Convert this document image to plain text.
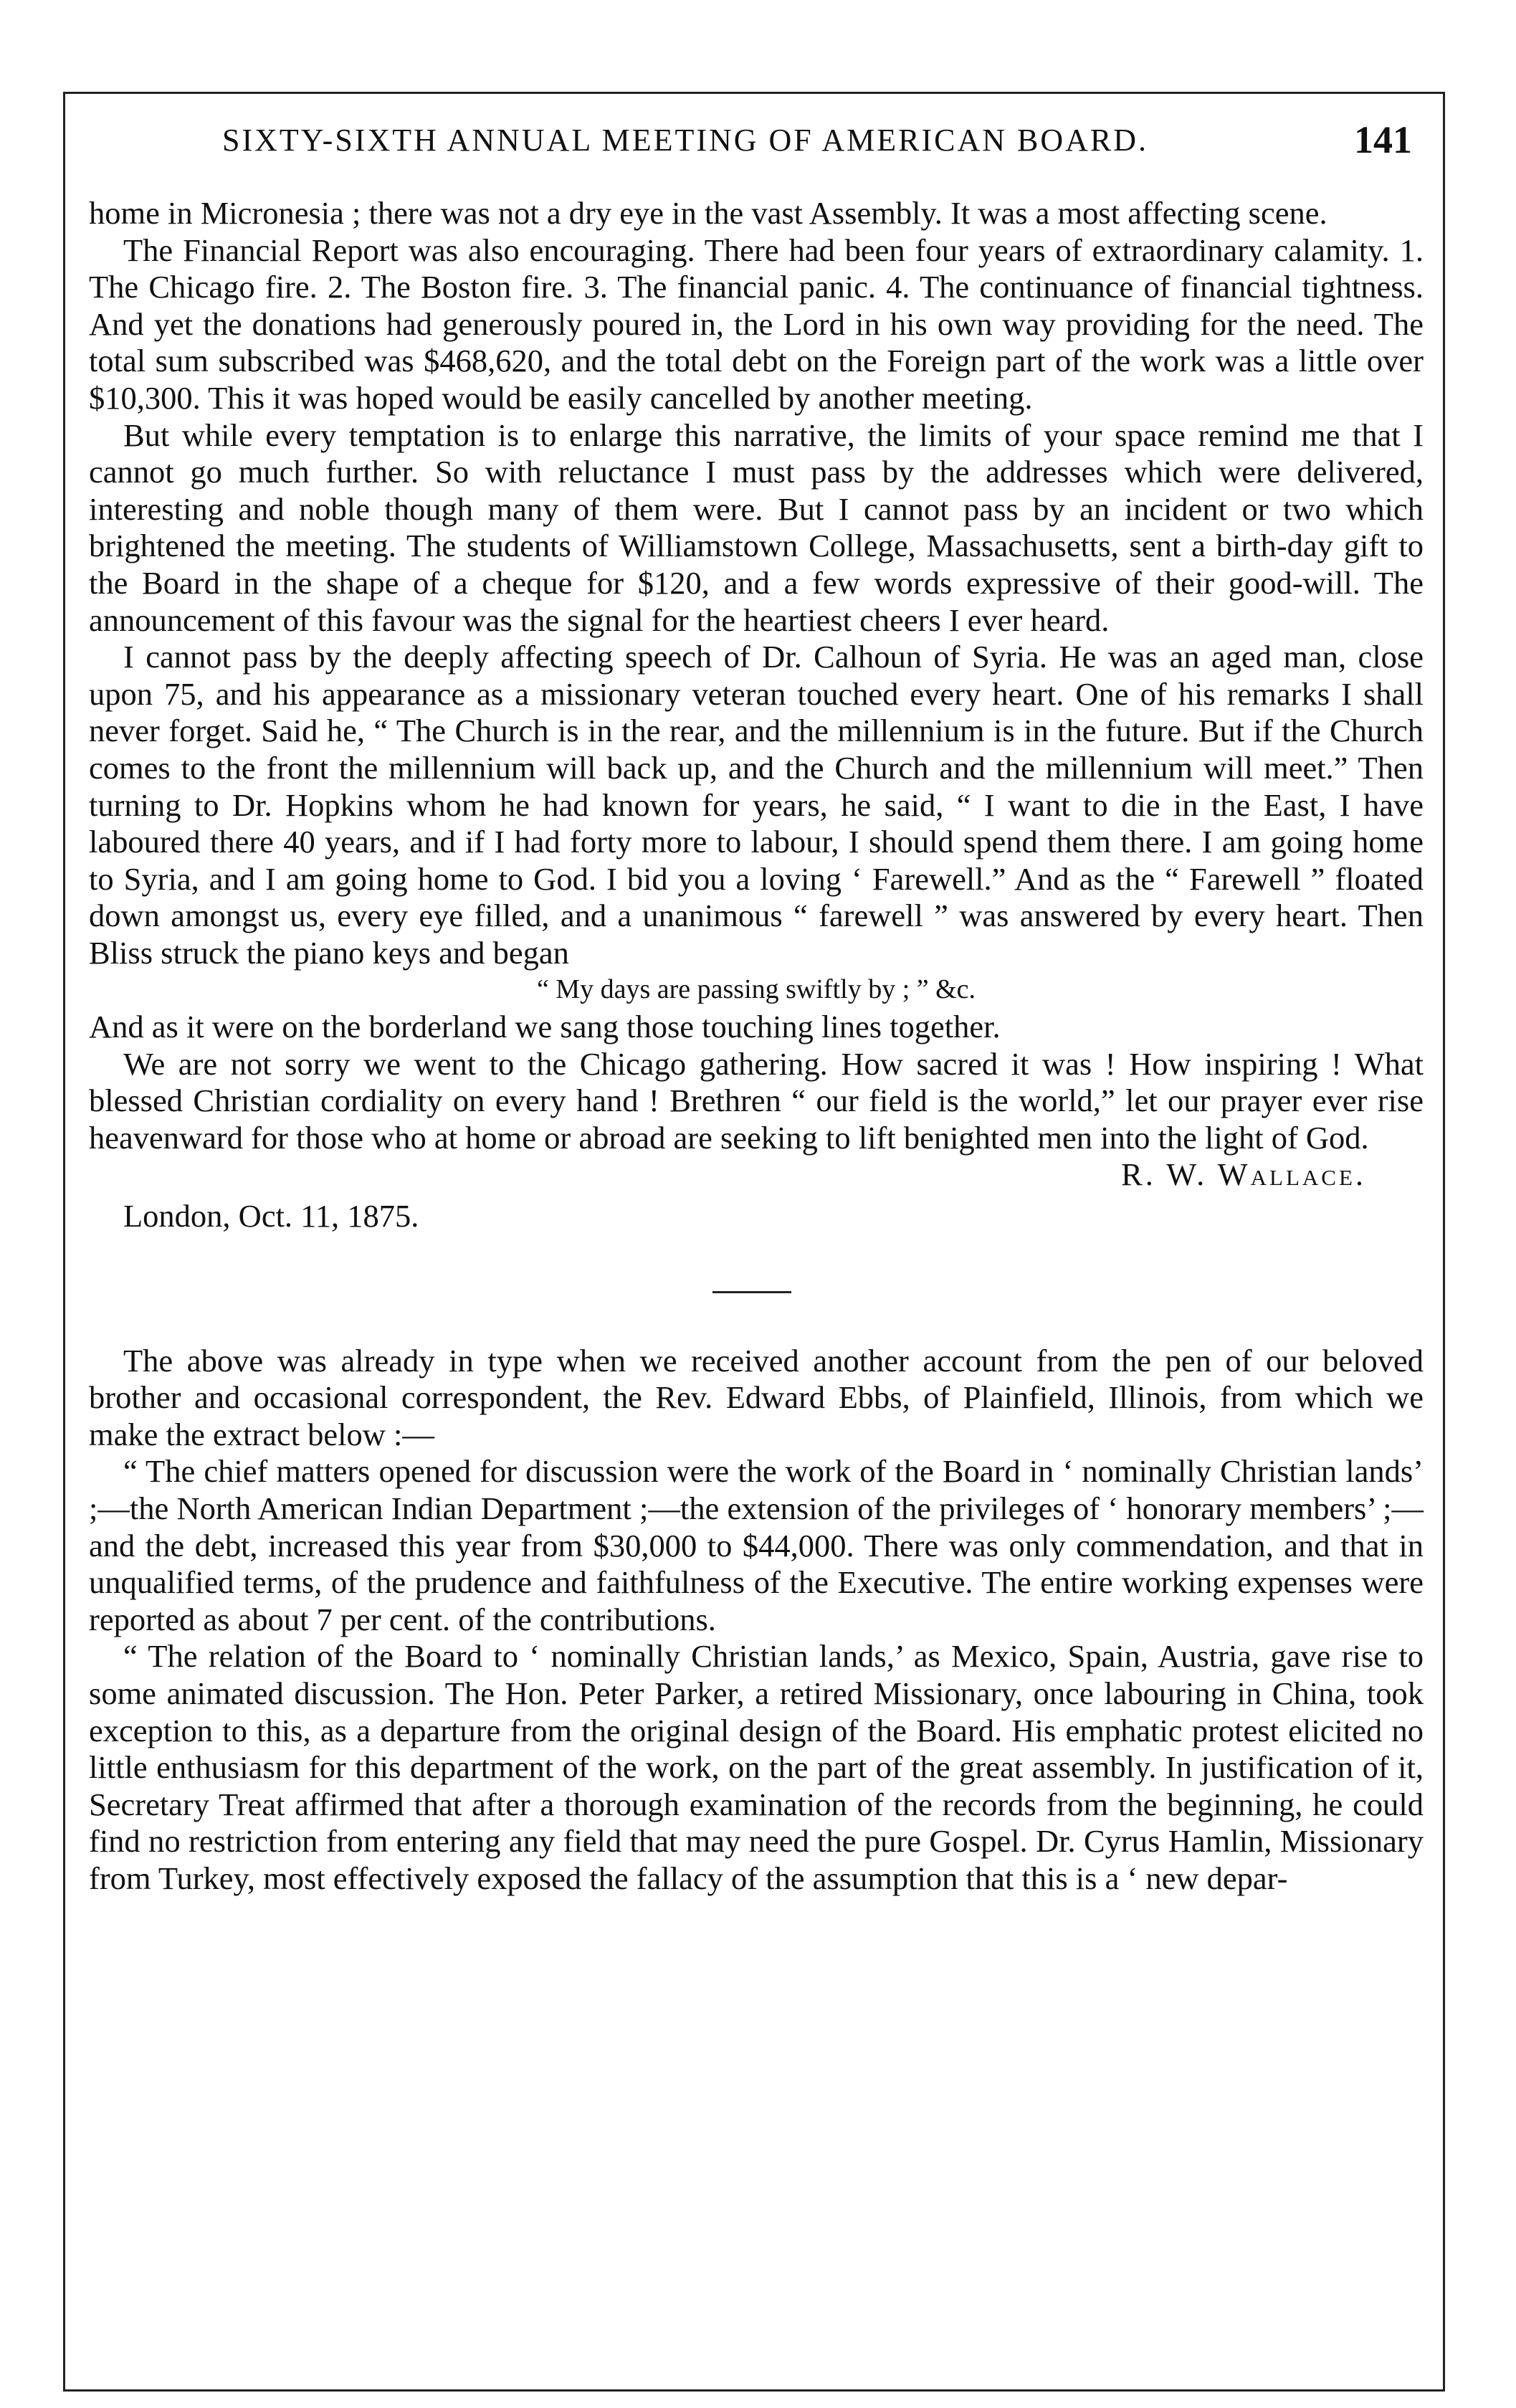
SIXTY-SIXTH ANNUAL MEETING OF AMERICAN BOARD.	141

home in Micronesia ; there was not a dry eye in the vast Assembly. It was a most affecting scene.

The Financial Report was also encouraging. There had been four years of extraordinary calamity. 1. The Chicago fire. 2. The Boston fire. 3. The financial panic. 4. The continuance of financial tightness. And yet the donations had generously poured in, the Lord in his own way providing for the need. The total sum subscribed was $468,620, and the total debt on the Foreign part of the work was a little over $10,300. This it was hoped would be easily cancelled by another meeting.

But while every temptation is to enlarge this narrative, the limits of your space remind me that I cannot go much further. So with reluctance I must pass by the addresses which were delivered, interesting and noble though many of them were. But I cannot pass by an incident or two which brightened the meeting. The students of Williamstown College, Massachusetts, sent a birth-day gift to the Board in the shape of a cheque for $120, and a few words expressive of their good-will. The announcement of this favour was the signal for the heartiest cheers I ever heard.

I cannot pass by the deeply affecting speech of Dr. Calhoun of Syria. He was an aged man, close upon 75, and his appearance as a missionary veteran touched every heart. One of his remarks I shall never forget. Said he, “ The Church is in the rear, and the millennium is in the future. But if the Church comes to the front the millennium will back up, and the Church and the millennium will meet.” Then turning to Dr. Hopkins whom he had known for years, he said, “ I want to die in the East, I have laboured there 40 years, and if I had forty more to labour, I should spend them there. I am going home to Syria, and I am going home to God. I bid you a loving ‘ Farewell.” And as the “ Farewell ” floated down amongst us, every eye filled, and a unanimous “ farewell ” was answered by every heart. Then Bliss struck the piano keys and began

“ My days are passing swiftly by ; ” &c.

And as it were on the borderland we sang those touching lines together.

We are not sorry we went to the Chicago gathering. How sacred it was ! How inspiring ! What blessed Christian cordiality on every hand ! Brethren “ our field is the world,” let our prayer ever rise heavenward for those who at home or abroad are seeking to lift benighted men into the light of God.

R. W. Wallace.

London, Oct. 11, 1875.

The above was already in type when we received another account from the pen of our beloved brother and occasional correspondent, the Rev. Edward Ebbs, of Plainfield, Illinois, from which we make the extract below :—

“ The chief matters opened for discussion were the work of the Board in ‘ nominally Christian lands’ ;—the North American Indian Department ;—the extension of the privileges of ‘ honorary members’ ;—and the debt, increased this year from $30,000 to $44,000. There was only commendation, and that in unqualified terms, of the prudence and faithfulness of the Executive. The entire working expenses were reported as about 7 per cent. of the contributions.

“ The relation of the Board to ‘ nominally Christian lands,’ as Mexico, Spain, Austria, gave rise to some animated discussion. The Hon. Peter Parker, a retired Missionary, once labouring in China, took exception to this, as a departure from the original design of the Board. His emphatic protest elicited no little enthusiasm for this department of the work, on the part of the great assembly. In justification of it, Secretary Treat affirmed that after a thorough examination of the records from the beginning, he could find no restriction from entering any field that may need the pure Gospel. Dr. Cyrus Hamlin, Missionary from Turkey, most effectively exposed the fallacy of the assumption that this is a ‘ new depar-
